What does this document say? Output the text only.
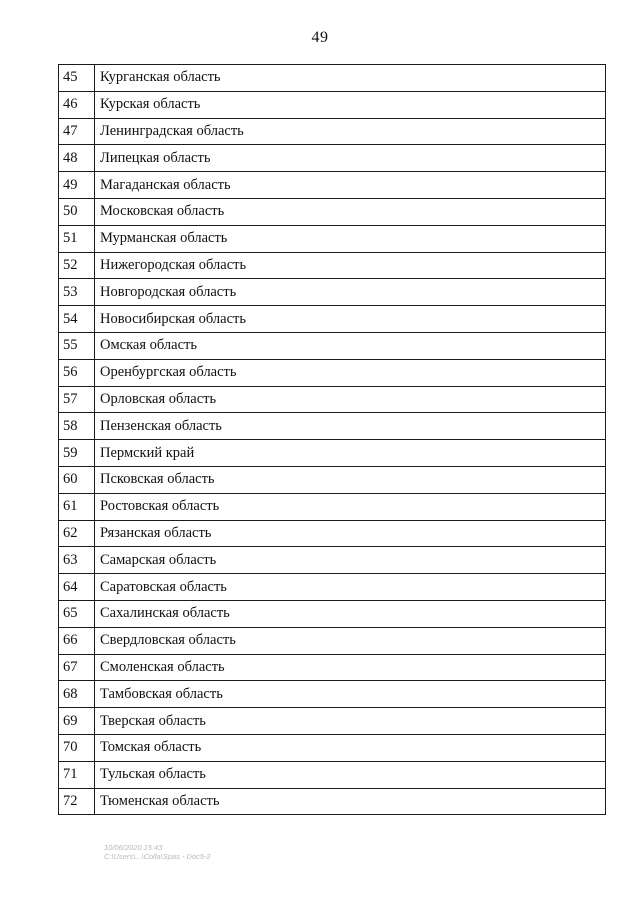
49
45	Курганская область
46	Курская область
47	Ленинградская область
48	Липецкая область
49	Магаданская область
50	Московская область
51	Мурманская область
52	Нижегородская область
53	Новгородская область
54	Новосибирская область
55	Омская область
56	Оренбургская область
57	Орловская область
58	Пензенская область
59	Пермский край
60	Псковская область
61	Ростовская область
62	Рязанская область
63	Самарская область
64	Саратовская область
65	Сахалинская область
66	Свердловская область
67	Смоленская область
68	Тамбовская область
69	Тверская область
70	Томская область
71	Тульская область
72	Тюменская область
10/06/2020 15:43
С:\Users\...\Colla\Spas - Doc5-2
